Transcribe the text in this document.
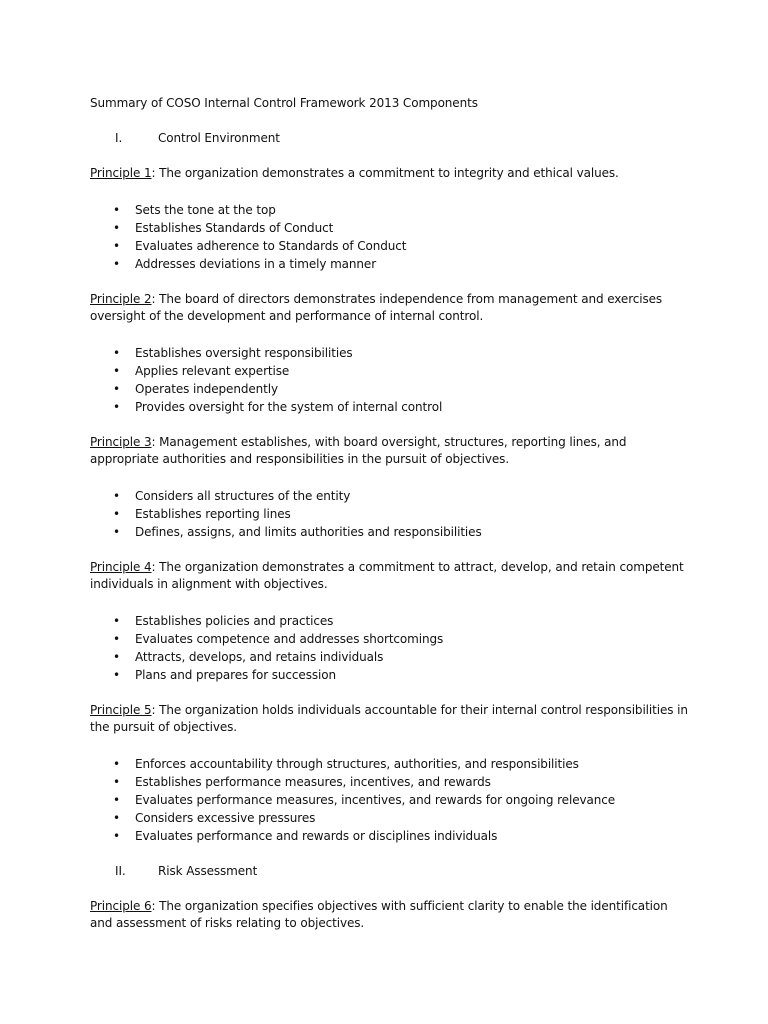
Summary of COSO Internal Control Framework 2013 Components
I.	Control Environment
Principle 1: The organization demonstrates a commitment to integrity and ethical values.
•	Sets the tone at the top
•	Establishes Standards of Conduct
•	Evaluates adherence to Standards of Conduct
•	Addresses deviations in a timely manner
Principle 2: The board of directors demonstrates independence from management and exercises oversight of the development and performance of internal control.
•	Establishes oversight responsibilities
•	Applies relevant expertise
•	Operates independently
•	Provides oversight for the system of internal control
Principle 3: Management establishes, with board oversight, structures, reporting lines, and appropriate authorities and responsibilities in the pursuit of objectives.
•	Considers all structures of the entity
•	Establishes reporting lines
•	Defines, assigns, and limits authorities and responsibilities
Principle 4: The organization demonstrates a commitment to attract, develop, and retain competent individuals in alignment with objectives.
•	Establishes policies and practices
•	Evaluates competence and addresses shortcomings
•	Attracts, develops, and retains individuals
•	Plans and prepares for succession
Principle 5: The organization holds individuals accountable for their internal control responsibilities in the pursuit of objectives.
•	Enforces accountability through structures, authorities, and responsibilities
•	Establishes performance measures, incentives, and rewards
•	Evaluates performance measures, incentives, and rewards for ongoing relevance
•	Considers excessive pressures
•	Evaluates performance and rewards or disciplines individuals
II.	Risk Assessment
Principle 6: The organization specifies objectives with sufficient clarity to enable the identification and assessment of risks relating to objectives.
